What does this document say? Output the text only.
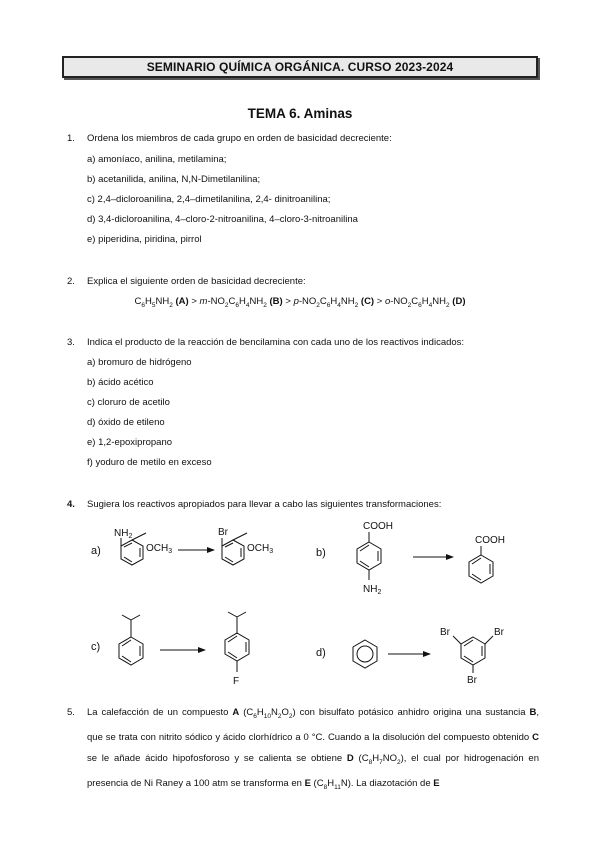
SEMINARIO QUÍMICA ORGÁNICA. CURSO 2023-2024
TEMA 6. Aminas
1. Ordena los miembros de cada grupo en orden de basicidad decreciente:
a) amoníaco, anilina, metilamina;
b) acetanilida, anilina, N,N-Dimetilanilina;
c) 2,4–dicloroanilina, 2,4–dimetilanilina, 2,4- dinitroanilina;
d) 3,4-dicloroanilina, 4–cloro-2-nitroanilina, 4–cloro-3-nitroanilina
e) piperidina, piridina, pirrol
2. Explica el siguiente orden de basicidad decreciente:
$C_6H_5NH_2$ $(A) > m-NO_2C_6H_4NH_2$ $(B) > p-NO_2C_6H_4NH_2$ $(C) > o-NO_2C_6H_4NH_2$ (D)
3. Indica el producto de la reacción de bencilamina con cada uno de los reactivos indicados:
a) bromuro de hidrógeno
b) ácido acético
c) cloruro de acetilo
d) óxido de etileno
e) 1,2-epoxipropano
f) yoduro de metilo en exceso
4. Sugiera los reactivos apropiados para llevar a cabo las siguientes transformaciones:
a)
$NH_2$
$OCH_3$
Br
$OCH_3$	b)
COOH
$NH_2$
COOH
c)
F
d)
Br	Br
Br
5. La calefacción de un compuesto A $(C_6H_{10}N_2O_2)$ con bisulfato potásico anhidro origina una sustancia B, que se trata con nitrito sódico y ácido clorhídrico a 0 °C. Cuando a la disolución del compuesto obtenido C se le añade ácido hipofosforoso y se calienta se obtiene D $(C_8H_7NO_2)$, el cual por hidrogenación en presencia de Ni Raney a 100 atm se transforma en E $(C_8H_{11}N)$. La diazotación de E
